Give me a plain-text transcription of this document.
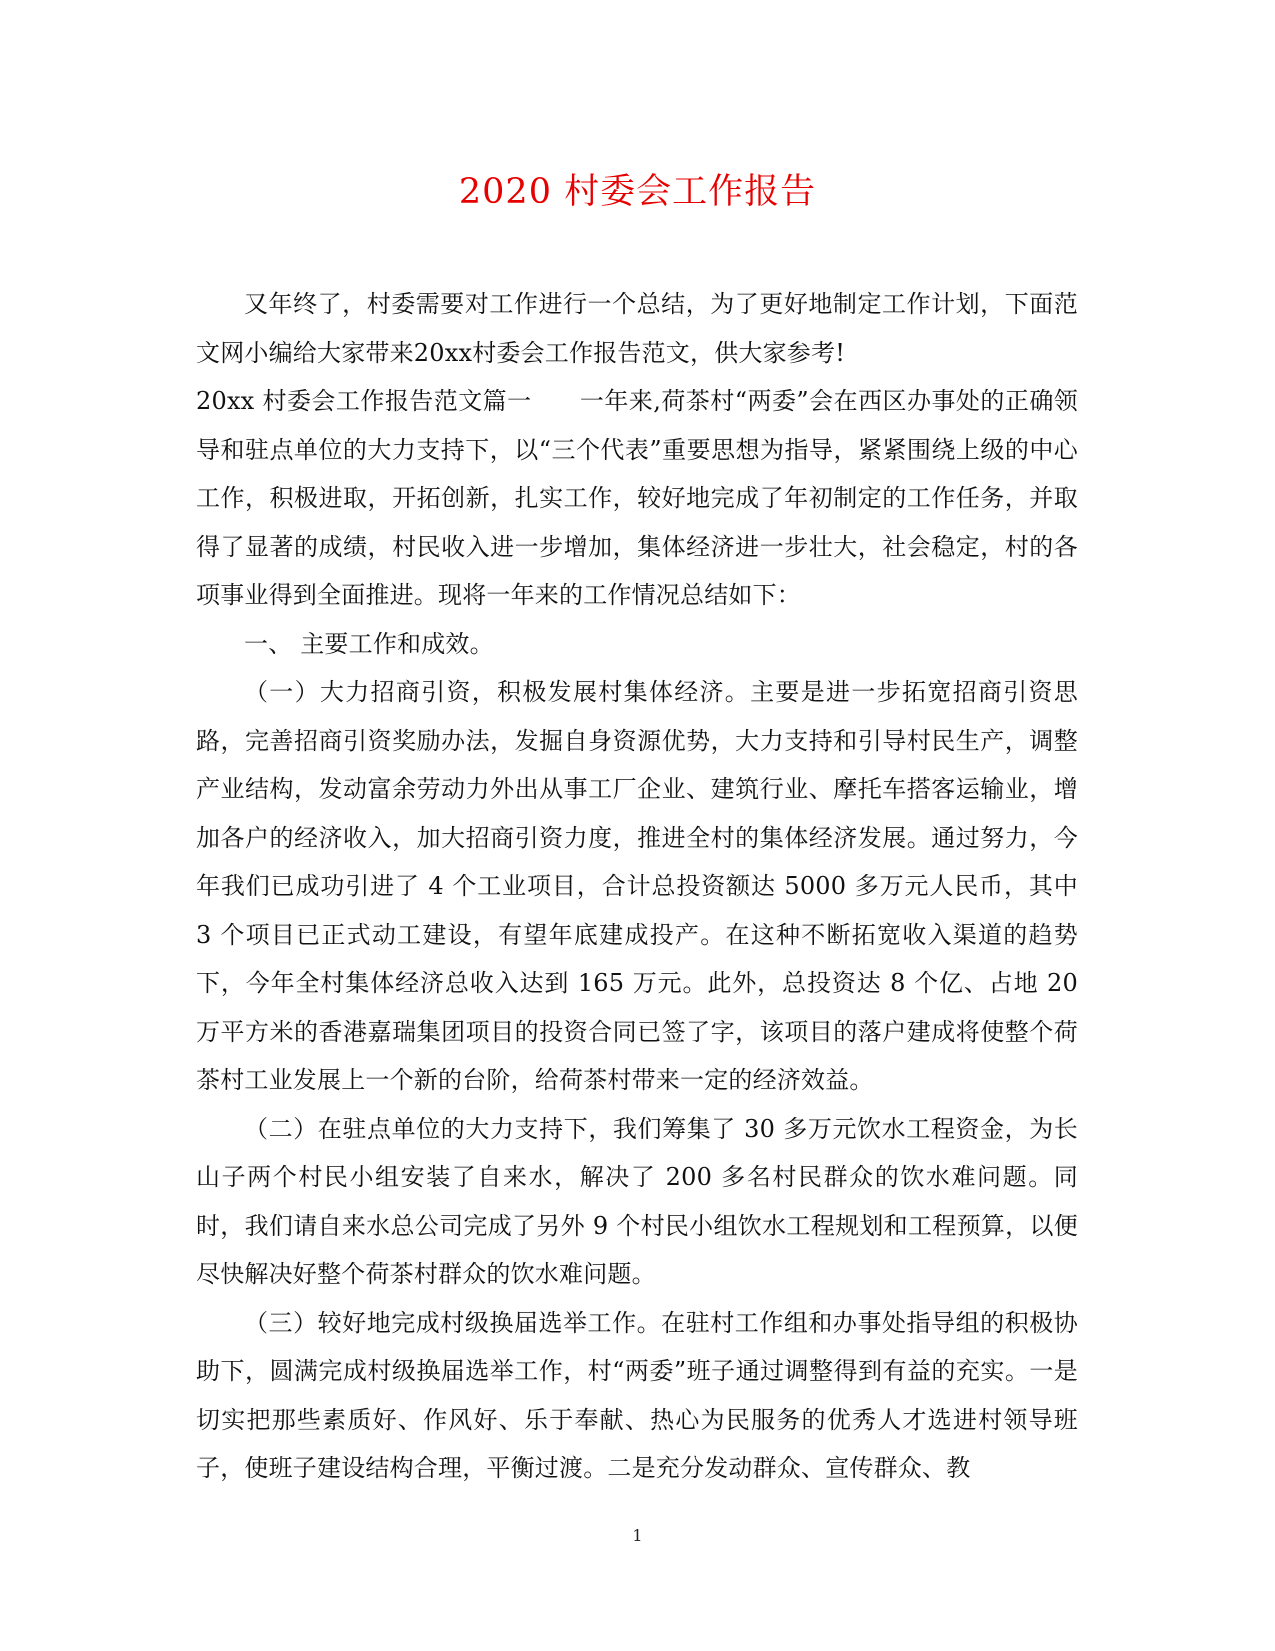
2020 村委会工作报告

又年终了，村委需要对工作进行一个总结，为了更好地制定工作计划，下面范文网小编给大家带来20xx村委会工作报告范文，供大家参考!

20xx 村委会工作报告范文篇一 一年来,荷茶村“两委”会在西区办事处的正确领导和驻点单位的大力支持下，以“三个代表”重要思想为指导，紧紧围绕上级的中心工作，积极进取，开拓创新，扎实工作，较好地完成了年初制定的工作任务，并取得了显著的成绩，村民收入进一步增加，集体经济进一步壮大，社会稳定，村的各项事业得到全面推进。现将一年来的工作情况总结如下：

一、 主要工作和成效。

（一）大力招商引资，积极发展村集体经济。主要是进一步拓宽招商引资思路，完善招商引资奖励办法，发掘自身资源优势，大力支持和引导村民生产，调整产业结构，发动富余劳动力外出从事工厂企业、建筑行业、摩托车搭客运输业，增加各户的经济收入，加大招商引资力度，推进全村的集体经济发展。通过努力，今年我们已成功引进了 4 个工业项目，合计总投资额达 5000 多万元人民币，其中 3 个项目已正式动工建设，有望年底建成投产。在这种不断拓宽收入渠道的趋势下，今年全村集体经济总收入达到 165 万元。此外，总投资达 8 个亿、占地 20 万平方米的香港嘉瑞集团项目的投资合同已签了字，该项目的落户建成将使整个荷茶村工业发展上一个新的台阶，给荷茶村带来一定的经济效益。

（二）在驻点单位的大力支持下，我们筹集了 30 多万元饮水工程资金，为长山子两个村民小组安装了自来水，解决了 200 多名村民群众的饮水难问题。同时，我们请自来水总公司完成了另外 9 个村民小组饮水工程规划和工程预算，以便尽快解决好整个荷茶村群众的饮水难问题。

（三）较好地完成村级换届选举工作。在驻村工作组和办事处指导组的积极协助下，圆满完成村级换届选举工作，村“两委”班子通过调整得到有益的充实。一是切实把那些素质好、作风好、乐于奉献、热心为民服务的优秀人才选进村领导班子，使班子建设结构合理，平衡过渡。二是充分发动群众、宣传群众、教

1
